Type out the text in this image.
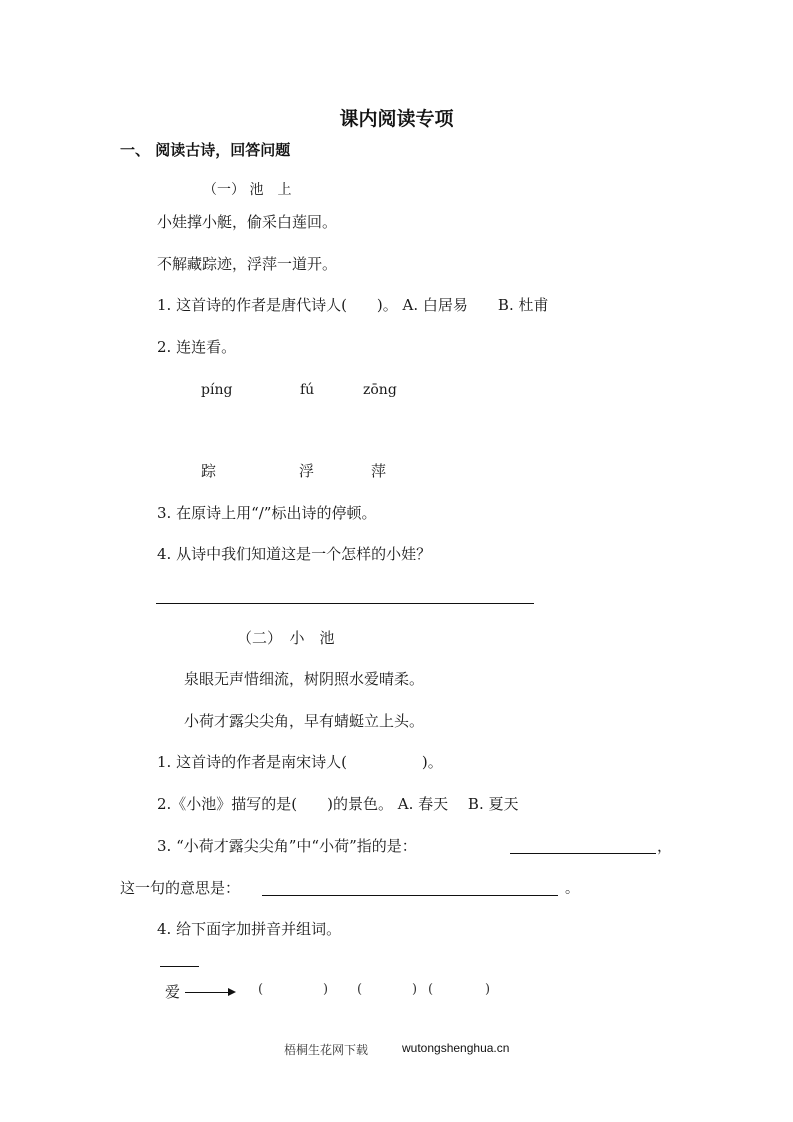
课内阅读专项
一、 阅读古诗，回答问题
（一） 池　上
小娃撑小艇，偷采白莲回。
不解藏踪迹，浮萍一道开。
1. 这首诗的作者是唐代诗人(　　)。 A. 白居易　　B. 杜甫
2. 连连看。
píng	fú	zōng
踪	浮	萍
3. 在原诗上用“/”标出诗的停顿。
4. 从诗中我们知道这是一个怎样的小娃？
（二）　小　池
泉眼无声惜细流，树阴照水爱晴柔。
小荷才露尖尖角，早有蜻蜓立上头。
1. 这首诗的作者是南宋诗人(　　　　　)。
2.《小池》描写的是(　　)的景色。 A. 春天　 B. 夏天
3. “小荷才露尖尖角”中“小荷”指的是：	，
这一句的意思是：	。
4. 给下面字加拼音并组词。
爱	(	) (	) (	)
梧桐生花网下载	wutongshenghua.cn
